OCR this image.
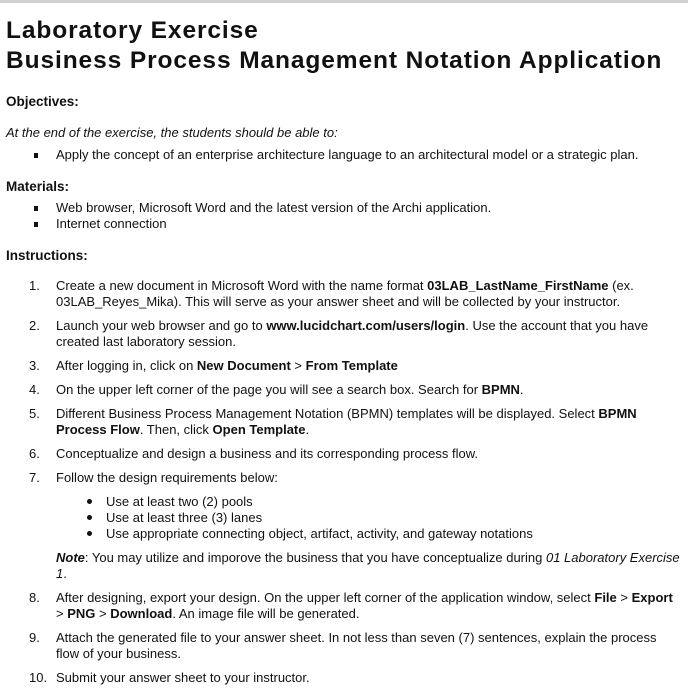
Laboratory Exercise
Business Process Management Notation Application
Objectives:
At the end of the exercise, the students should be able to:
Apply the concept of an enterprise architecture language to an architectural model or a strategic plan.
Materials:
Web browser, Microsoft Word and the latest version of the Archi application.
Internet connection
Instructions:
1. Create a new document in Microsoft Word with the name format 03LAB_LastName_FirstName (ex. 03LAB_Reyes_Mika). This will serve as your answer sheet and will be collected by your instructor.
2. Launch your web browser and go to www.lucidchart.com/users/login. Use the account that you have created last laboratory session.
3. After logging in, click on New Document > From Template
4. On the upper left corner of the page you will see a search box. Search for BPMN.
5. Different Business Process Management Notation (BPMN) templates will be displayed. Select BPMN Process Flow. Then, click Open Template.
6. Conceptualize and design a business and its corresponding process flow.
7. Follow the design requirements below:
Use at least two (2) pools
Use at least three (3) lanes
Use appropriate connecting object, artifact, activity, and gateway notations
Note: You may utilize and imporove the business that you have conceptualize during 01 Laboratory Exercise 1.
8. After designing, export your design. On the upper left corner of the application window, select File > Export > PNG > Download. An image file will be generated.
9. Attach the generated file to your answer sheet. In not less than seven (7) sentences, explain the process flow of your business.
10. Submit your answer sheet to your instructor.
